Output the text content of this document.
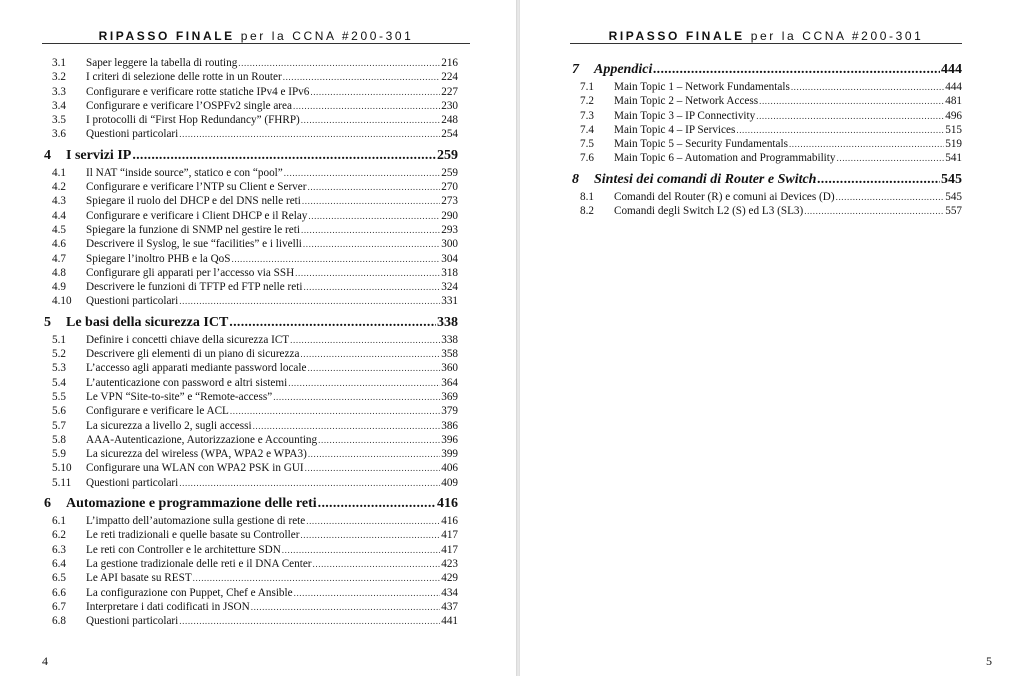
RIPASSO FINALE per la CCNA #200-301
3.1	Saper leggere la tabella di routing .....	216
3.2	I criteri di selezione delle rotte in un Router .....	224
3.3	Configurare e verificare rotte statiche IPv4 e IPv6 .....	227
3.4	Configurare e verificare l’OSPFv2 single area .....	230
3.5	I protocolli di “First Hop Redundancy” (FHRP) .....	248
3.6	Questioni particolari .....	254
4	I servizi IP .....	259
4.1	Il NAT “inside source”, statico e con “pool” .....	259
4.2	Configurare e verificare l’NTP su Client e Server .....	270
4.3	Spiegare il ruolo del DHCP e del DNS nelle reti .....	273
4.4	Configurare e verificare i Client DHCP e il Relay .....	290
4.5	Spiegare la funzione di SNMP nel gestire le reti .....	293
4.6	Descrivere il Syslog, le sue “facilities” e i livelli .....	300
4.7	Spiegare l’inoltro PHB e la QoS .....	304
4.8	Configurare gli apparati per l’accesso via SSH .....	318
4.9	Descrivere le funzioni di TFTP ed FTP nelle reti .....	324
4.10	Questioni particolari .....	331
5	Le basi della sicurezza ICT .....	338
5.1	Definire i concetti chiave della sicurezza ICT .....	338
5.2	Descrivere gli elementi di un piano di sicurezza .....	358
5.3	L’accesso agli apparati mediante password locale .....	360
5.4	L’autenticazione con password e altri sistemi .....	364
5.5	Le VPN “Site-to-site” e “Remote-access” .....	369
5.6	Configurare e verificare le ACL .....	379
5.7	La sicurezza a livello 2, sugli accessi .....	386
5.8	AAA-Autenticazione, Autorizzazione e Accounting .....	396
5.9	La sicurezza del wireless (WPA, WPA2 e WPA3) .....	399
5.10	Configurare una WLAN con WPA2 PSK in GUI .....	406
5.11	Questioni particolari .....	409
6	Automazione e programmazione delle reti .....	416
6.1	L’impatto dell’automazione sulla gestione di rete .....	416
6.2	Le reti tradizionali e quelle basate su Controller .....	417
6.3	Le reti con Controller e le architetture SDN .....	417
6.4	La gestione tradizionale delle reti e il DNA Center .....	423
6.5	Le API basate su REST .....	429
6.6	La configurazione con Puppet, Chef e Ansible .....	434
6.7	Interpretare i dati codificati in JSON .....	437
6.8	Questioni particolari .....	441
4
RIPASSO FINALE per la CCNA #200-301
7	Appendici .....	444
7.1	Main Topic 1 – Network Fundamentals .....	444
7.2	Main Topic 2 – Network Access .....	481
7.3	Main Topic 3 – IP Connectivity .....	496
7.4	Main Topic 4 – IP Services .....	515
7.5	Main Topic 5 – Security Fundamentals .....	519
7.6	Main Topic 6 – Automation and Programmability .....	541
8	Sintesi dei comandi di Router e Switch .....	545
8.1	Comandi del Router (R) e comuni ai Devices (D) .....	545
8.2	Comandi degli Switch L2 (S) ed L3 (SL3) .....	557
5
